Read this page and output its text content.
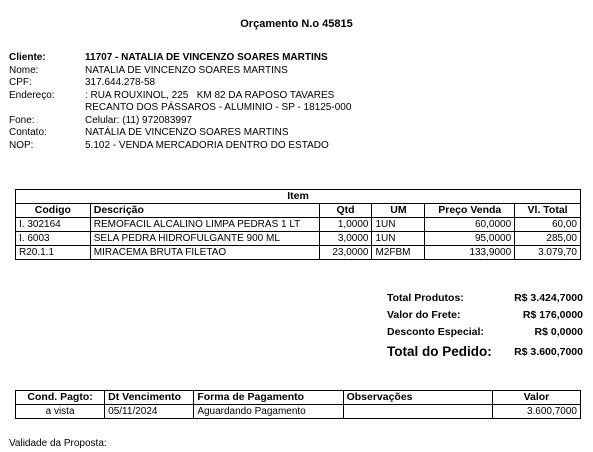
Orçamento N.o 45815
Cliente:	11707 - NATALIA DE VINCENZO SOARES MARTINS
Nome:	NATALIA DE VINCENZO SOARES MARTINS
CPF:	317.644.278-58
Endereço:	: RUA ROUXINOL, 225   KM 82 DA RAPOSO TAVARES
RECANTO DOS PÁSSAROS - ALUMINIO - SP - 18125-000
Fone:	Celular: (11) 972083997
Contato:	NATÁLIA DE VINCENZO SOARES MARTINS
NOP:	5.102 - VENDA MERCADORIA DENTRO DO ESTADO
Item					
Codigo	Descrição	Qtd	UM	Preço Venda	Vl. Total
I. 302164	REMOFACIL ALCALINO LIMPA PEDRAS 1 LT	1,0000	1UN	60,0000	60,00
I. 6003	SELA PEDRA HIDROFULGANTE 900 ML	3,0000	1UN	95,0000	285,00
R20.1.1	MIRACEMA BRUTA FILETAO	23,0000	M2FBM	133,9000	3.079,70
Total Produtos:	R$ 3.424,7000
Valor do Frete:	R$ 176,0000
Desconto Especial:	R$ 0,0000
Total do Pedido: R$ 3.600,7000
Cond. Pagto:	Dt Vencimento	Forma de Pagamento	Observações	Valor
a vista	05/11/2024	Aguardando Pagamento		3.600,7000
Validade da Proposta:
